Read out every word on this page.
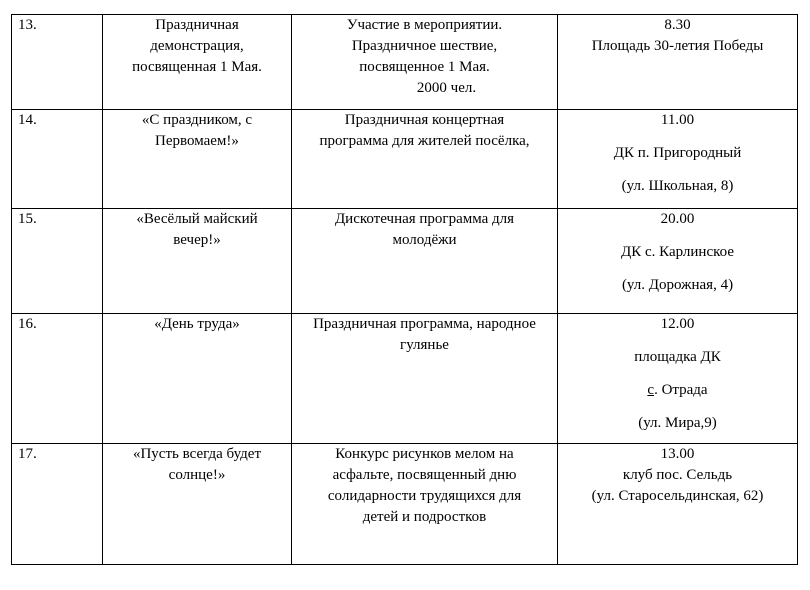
13.	Праздничная
демонстрация,
посвященная 1 Мая.	Участие в мероприятии.
Праздничное шествие,
посвященное 1 Мая.
2000 чел.	8.30
Площадь 30-летия Победы

14.	«С праздником, с
Первомаем!»	Праздничная концертная
программа для жителей посёлка,	11.00
ДК п. Пригородный
(ул. Школьная, 8)

15.	«Весёлый майский
вечер!»	Дискотечная программа для
молодёжи	20.00
ДК с. Карлинское
(ул. Дорожная, 4)

16.	«День труда»	Праздничная программа, народное
гулянье	12.00
площадка ДК
с. Отрада
(ул. Мира,9)

17.	«Пусть всегда будет
солнце!»	Конкурс рисунков мелом на
асфальте, посвященный дню
солидарности трудящихся для
детей и подростков	13.00
клуб пос. Сельдь
(ул. Старосельдинская, 62)
